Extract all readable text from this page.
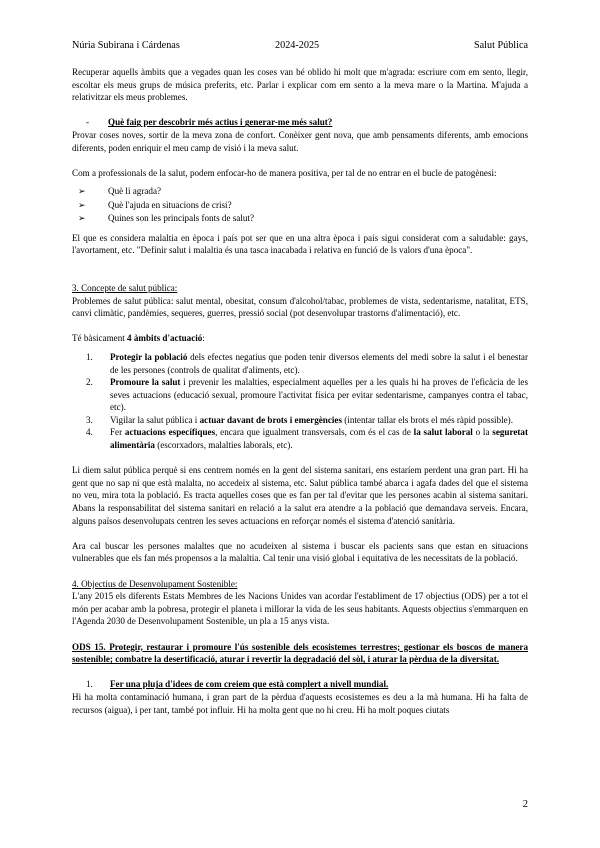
Núria Subirana i Cárdenas	2024-2025	Salut Pública

Recuperar aquells àmbits que a vegades quan les coses van bé oblido hi molt que m'agrada: escriure com em sento, llegir, escoltar els meus grups de música preferits, etc. Parlar i explicar com em sento a la meva mare o la Martina. M'ajuda a relativitzar els meus problemes.

-	Què faig per descobrir més actius i generar-me més salut?

Provar coses noves, sortir de la meva zona de confort. Conèixer gent nova, que amb pensaments diferents, amb emocions diferents, poden enriquir el meu camp de visió i la meva salut.

Com a professionals de la salut, podem enfocar-ho de manera positiva, per tal de no entrar en el bucle de patogènesi:

➢	Què li agrada?
➢	Què l'ajuda en situacions de crisi?
➢	Quines son les principals fonts de salut?

El que es considera malaltia en època i país pot ser que en una altra època i país sigui considerat com a saludable: gays, l'avortament, etc. "Definir salut i malaltia és una tasca inacabada i relativa en funció de ls valors d'una època".

3. Concepte de salut pública:

Problemes de salut pública: salut mental, obesitat, consum d'alcohol/tabac, problemes de vista, sedentarisme, natalitat, ETS, canvi climàtic, pandèmies, sequeres, guerres, pressió social (pot desenvolupar trastorns d'alimentació), etc.

Té bàsicament 4 àmbits d'actuació:

1.	Protegir la població dels efectes negatius que poden tenir diversos elements del medi sobre la salut i el benestar de les persones (controls de qualitat d'aliments, etc).
2.	Promoure la salut i prevenir les malalties, especialment aquelles per a les quals hi ha proves de l'eficàcia de les seves actuacions (educació sexual, promoure l'activitat física per evitar sedentarisme, campanyes contra el tabac, etc).
3.	Vigilar la salut pública i actuar davant de brots i emergències (intentar tallar els brots el més ràpid possible).
4.	Fer actuacions específiques, encara que igualment transversals, com és el cas de la salut laboral o la seguretat alimentària (escorxadors, malalties laborals, etc).

Li diem salut pública perquè si ens centrem només en la gent del sistema sanitari, ens estaríem perdent una gran part. Hi ha gent que no sap ni que està malalta, no accedeix al sistema, etc. Salut pública també abarca i agafa dades del que el sistema no veu, mira tota la població. Es tracta aquelles coses que es fan per tal d'evitar que les persones acabin al sistema sanitari. Abans la responsabilitat del sistema sanitari en relació a la salut era atendre a la població que demandava serveis. Encara, alguns països desenvolupats centren les seves actuacions en reforçar només el sistema d'atenció sanitària.

Ara cal buscar les persones malaltes que no acudeixen al sistema i buscar els pacients sans que estan en situacions vulnerables que els fan més propensos a la malaltia. Cal tenir una visió global i equitativa de les necessitats de la població.

4. Objectius de Desenvolupament Sostenible:

L'any 2015 els diferents Estats Membres de les Nacions Unides van acordar l'establiment de 17 objectius (ODS) per a tot el món per acabar amb la pobresa, protegir el planeta i millorar la vida de les seus habitants. Aquests objectius s'emmarquen en l'Agenda 2030 de Desenvolupament Sostenible, un pla a 15 anys vista.

ODS 15. Protegir, restaurar i promoure l'ús sostenible dels ecosistemes terrestres; gestionar els boscos de manera sostenible; combatre la desertificació, aturar i revertir la degradació del sòl, i aturar la pèrdua de la diversitat.

1.	Fer una pluja d'idees de com creiem que està complert a nivell mundial.

Hi ha molta contaminació humana, i gran part de la pèrdua d'aquests ecosistemes es deu a la mà humana. Hi ha falta de recursos (aigua), i per tant, també pot influir. Hi ha molta gent que no hi creu. Hi ha molt poques ciutats

2
